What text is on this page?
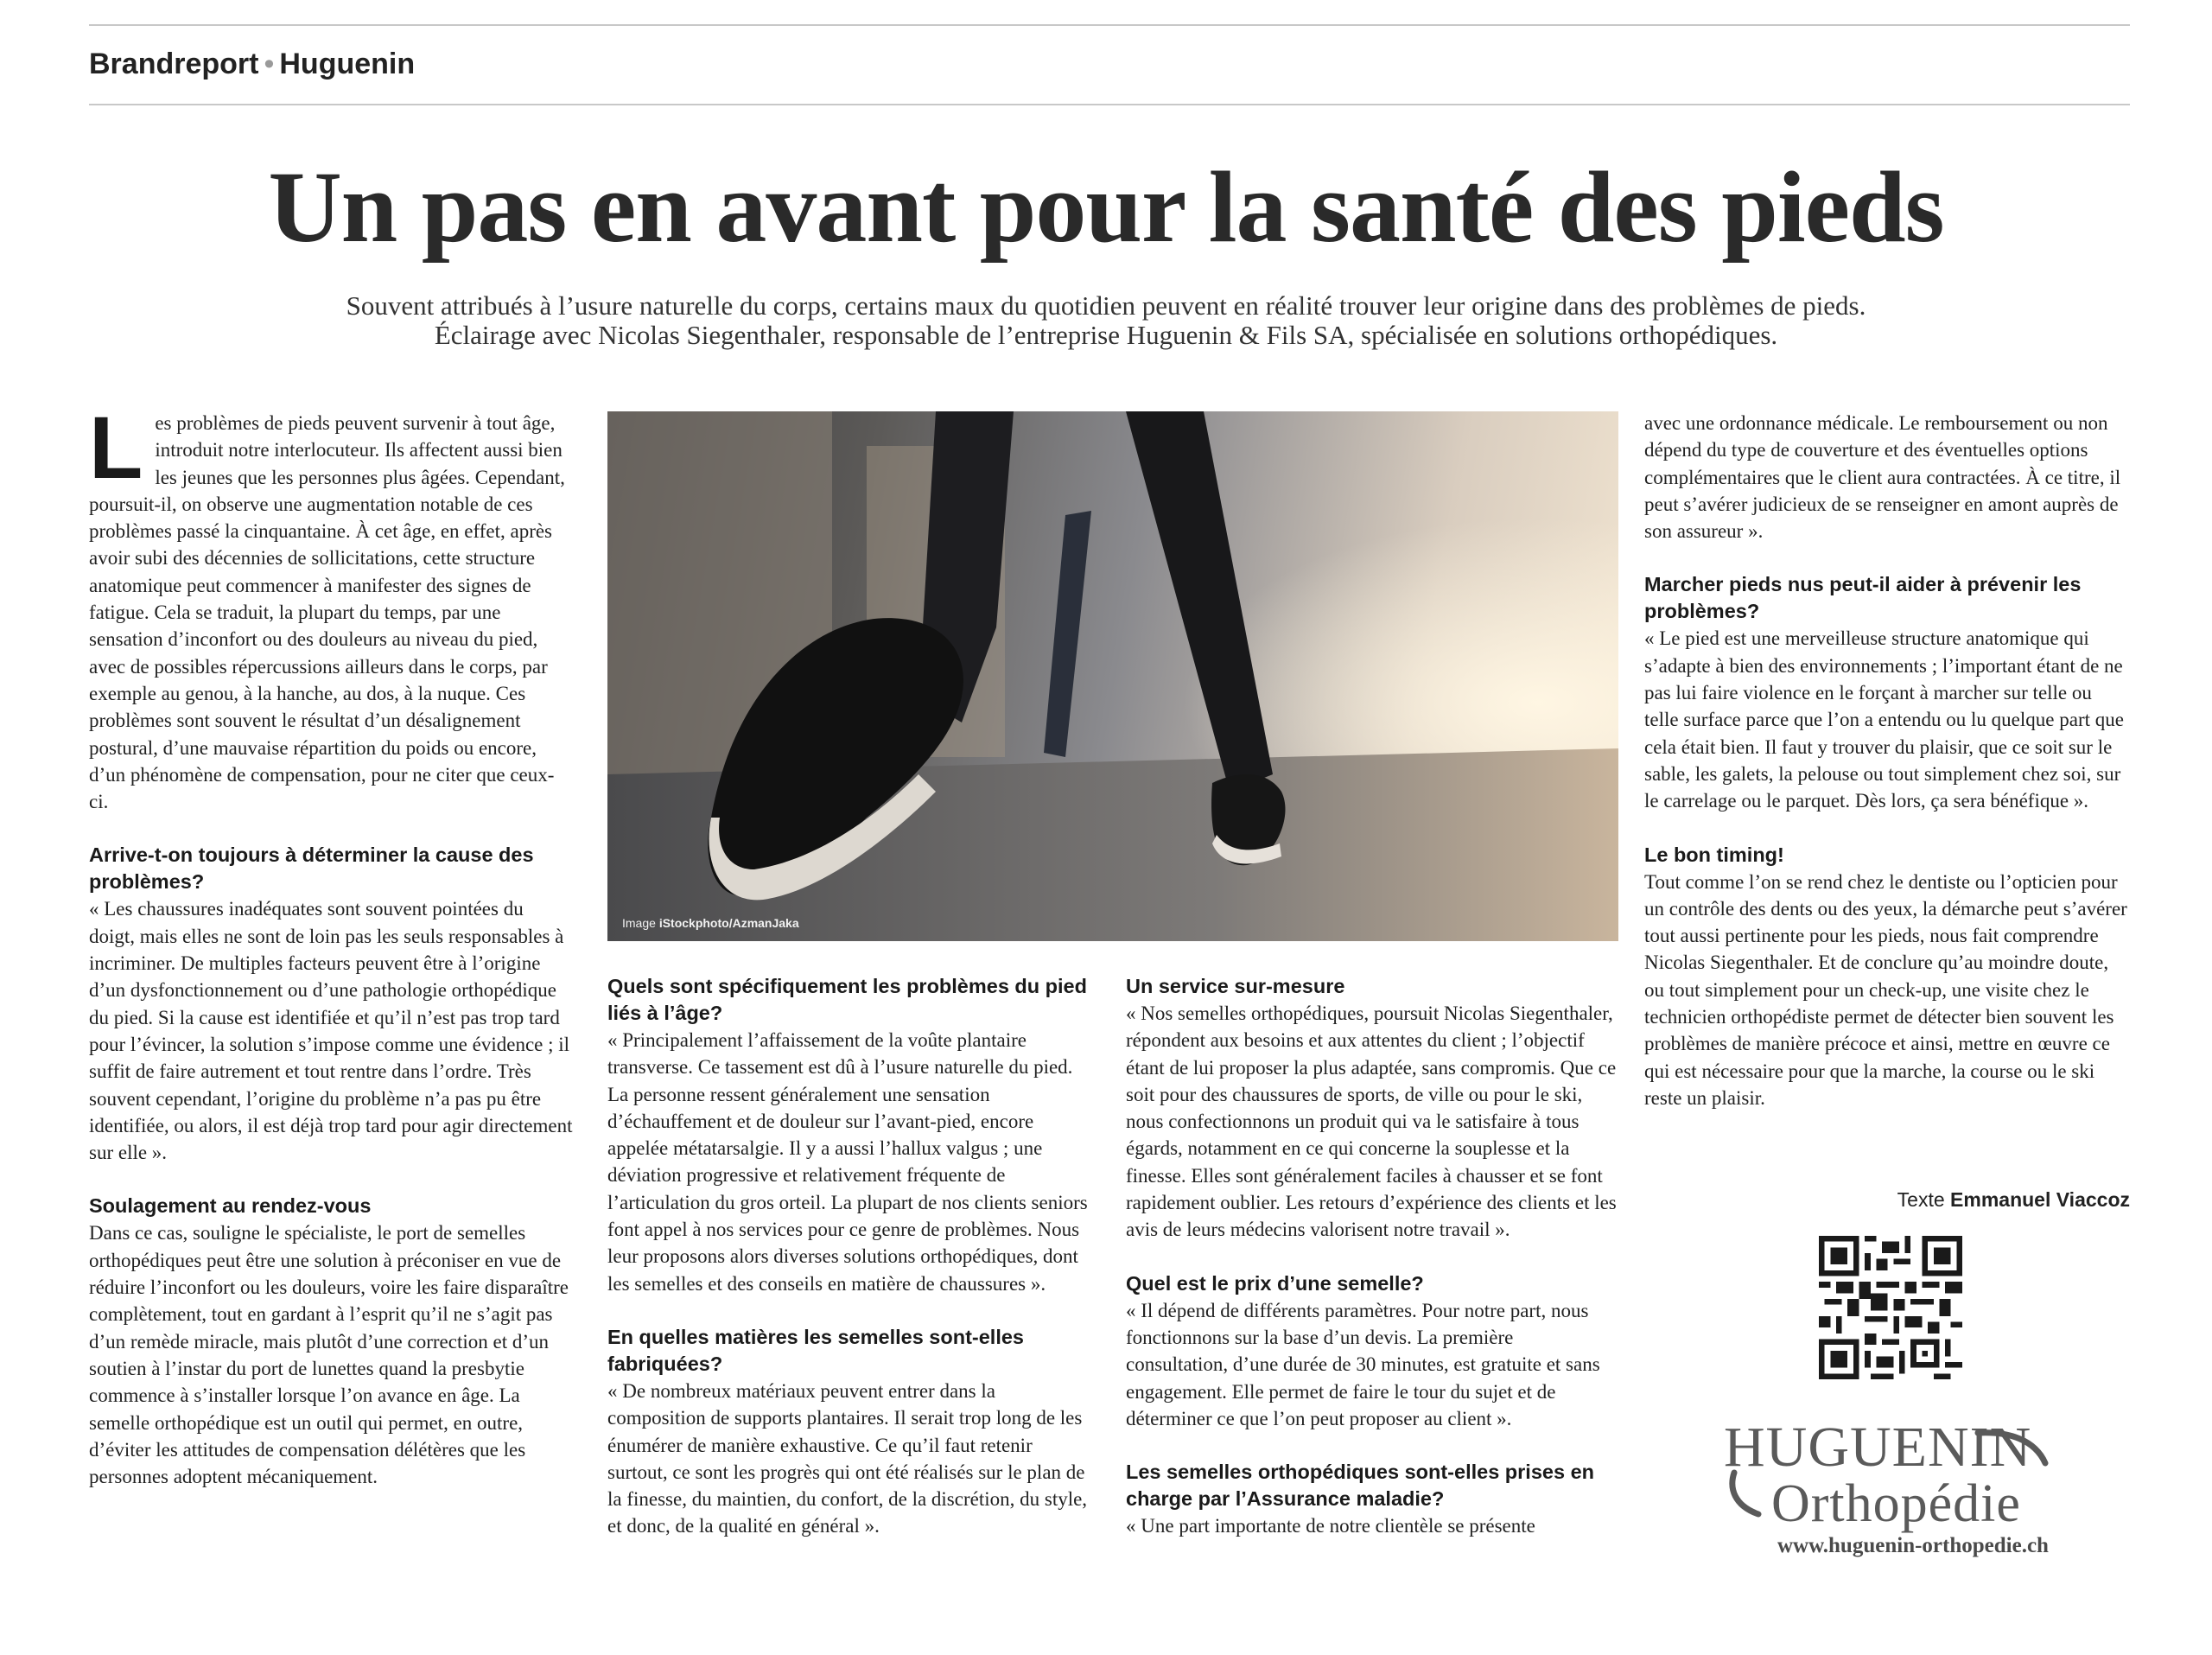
Brandreport • Huguenin
Un pas en avant pour la santé des pieds
Souvent attribués à l’usure naturelle du corps, certains maux du quotidien peuvent en réalité trouver leur origine dans des problèmes de pieds.
Éclairage avec Nicolas Siegenthaler, responsable de l’entreprise Huguenin & Fils SA, spécialisée en solutions orthopédiques.

Les problèmes de pieds peuvent survenir à tout âge, introduit notre interlocuteur. Ils affectent aussi bien les jeunes que les personnes plus âgées. Cependant, poursuit-il, on observe une augmentation notable de ces problèmes passé la cinquantaine. À cet âge, en effet, après avoir subi des décennies de sollicitations, cette structure anatomique peut commencer à manifester des signes de fatigue. Cela se traduit, la plupart du temps, par une sensation d’inconfort ou des douleurs au niveau du pied, avec de possibles répercussions ailleurs dans le corps, par exemple au genou, à la hanche, au dos, à la nuque. Ces problèmes sont souvent le résultat d’un désalignement postural, d’une mauvaise répartition du poids ou encore, d’un phénomène de compensation, pour ne citer que ceux-ci.

Arrive-t-on toujours à déterminer la cause des problèmes?

« Les chaussures inadéquates sont souvent pointées du doigt, mais elles ne sont de loin pas les seuls responsables à incriminer. De multiples facteurs peuvent être à l’origine d’un dysfonctionnement ou d’une pathologie orthopédique du pied. Si la cause est identifiée et qu’il n’est pas trop tard pour l’évincer, la solution s’impose comme une évidence ; il suffit de faire autrement et tout rentre dans l’ordre. Très souvent cependant, l’origine du problème n’a pas pu être identifiée, ou alors, il est déjà trop tard pour agir directement sur elle ».

Soulagement au rendez-vous

Dans ce cas, souligne le spécialiste, le port de semelles orthopédiques peut être une solution à préconiser en vue de réduire l’inconfort ou les douleurs, voire les faire disparaître complètement, tout en gardant à l’esprit qu’il ne s’agit pas d’un remède miracle, mais plutôt d’une correction et d’un soutien à l’instar du port de lunettes quand la presbytie commence à s’installer lorsque l’on avance en âge. La semelle orthopédique est un outil qui permet, en outre, d’éviter les attitudes de compensation délétères que les personnes adoptent mécaniquement.

Image iStockphoto/AzmanJaka
Quels sont spécifiquement les problèmes du pied liés à l’âge?

« Principalement l’affaissement de la voûte plantaire transverse. Ce tassement est dû à l’usure naturelle du pied. La personne ressent généralement une sensation d’échauffement et de douleur sur l’avant-pied, encore appelée métatarsalgie. Il y a aussi l’hallux valgus ; une déviation progressive et relativement fréquente de l’articulation du gros orteil. La plupart de nos clients seniors font appel à nos services pour ce genre de problèmes. Nous leur proposons alors diverses solutions orthopédiques, dont les semelles et des conseils en matière de chaussures ».

En quelles matières les semelles sont-elles fabriquées?

« De nombreux matériaux peuvent entrer dans la composition de supports plantaires. Il serait trop long de les énumérer de manière exhaustive. Ce qu’il faut retenir surtout, ce sont les progrès qui ont été réalisés sur le plan de la finesse, du maintien, du confort, de la discrétion, du style, et donc, de la qualité en général ».

Un service sur-mesure

« Nos semelles orthopédiques, poursuit Nicolas Siegenthaler, répondent aux besoins et aux attentes du client ; l’objectif étant de lui proposer la plus adaptée, sans compromis. Que ce soit pour des chaussures de sports, de ville ou pour le ski, nous confectionnons un produit qui va le satisfaire à tous égards, notamment en ce qui concerne la souplesse et la finesse. Elles sont généralement faciles à chausser et se font rapidement oublier. Les retours d’expérience des clients et les avis de leurs médecins valorisent notre travail ».

Quel est le prix d’une semelle?

« Il dépend de différents paramètres. Pour notre part, nous fonctionnons sur la base d’un devis. La première consultation, d’une durée de 30 minutes, est gratuite et sans engagement. Elle permet de faire le tour du sujet et de déterminer ce que l’on peut proposer au client ».

Les semelles orthopédiques sont-elles prises en charge par l’Assurance maladie?

« Une part importante de notre clientèle se présente

avec une ordonnance médicale. Le remboursement ou non dépend du type de couverture et des éventuelles options complémentaires que le client aura contractées. À ce titre, il peut s’avérer judicieux de se renseigner en amont auprès de son assureur ».

Marcher pieds nus peut-il aider à prévenir les problèmes?

« Le pied est une merveilleuse structure anatomique qui s’adapte à bien des environnements ; l’important étant de ne pas lui faire violence en le forçant à marcher sur telle ou telle surface parce que l’on a entendu ou lu quelque part que cela était bien. Il faut y trouver du plaisir, que ce soit sur le sable, les galets, la pelouse ou tout simplement chez soi, sur le carrelage ou le parquet. Dès lors, ça sera bénéfique ».

Le bon timing!

Tout comme l’on se rend chez le dentiste ou l’opticien pour un contrôle des dents ou des yeux, la démarche peut s’avérer tout aussi pertinente pour les pieds, nous fait comprendre Nicolas Siegenthaler. Et de conclure qu’au moindre doute, ou tout simplement pour un check-up, une visite chez le technicien orthopédiste permet de détecter bien souvent les problèmes de manière précoce et ainsi, mettre en œuvre ce qui est nécessaire pour que la marche, la course ou le ski reste un plaisir.

Texte Emmanuel Viaccoz
HUGUENIN
Orthopédie
www.huguenin-orthopedie.ch
